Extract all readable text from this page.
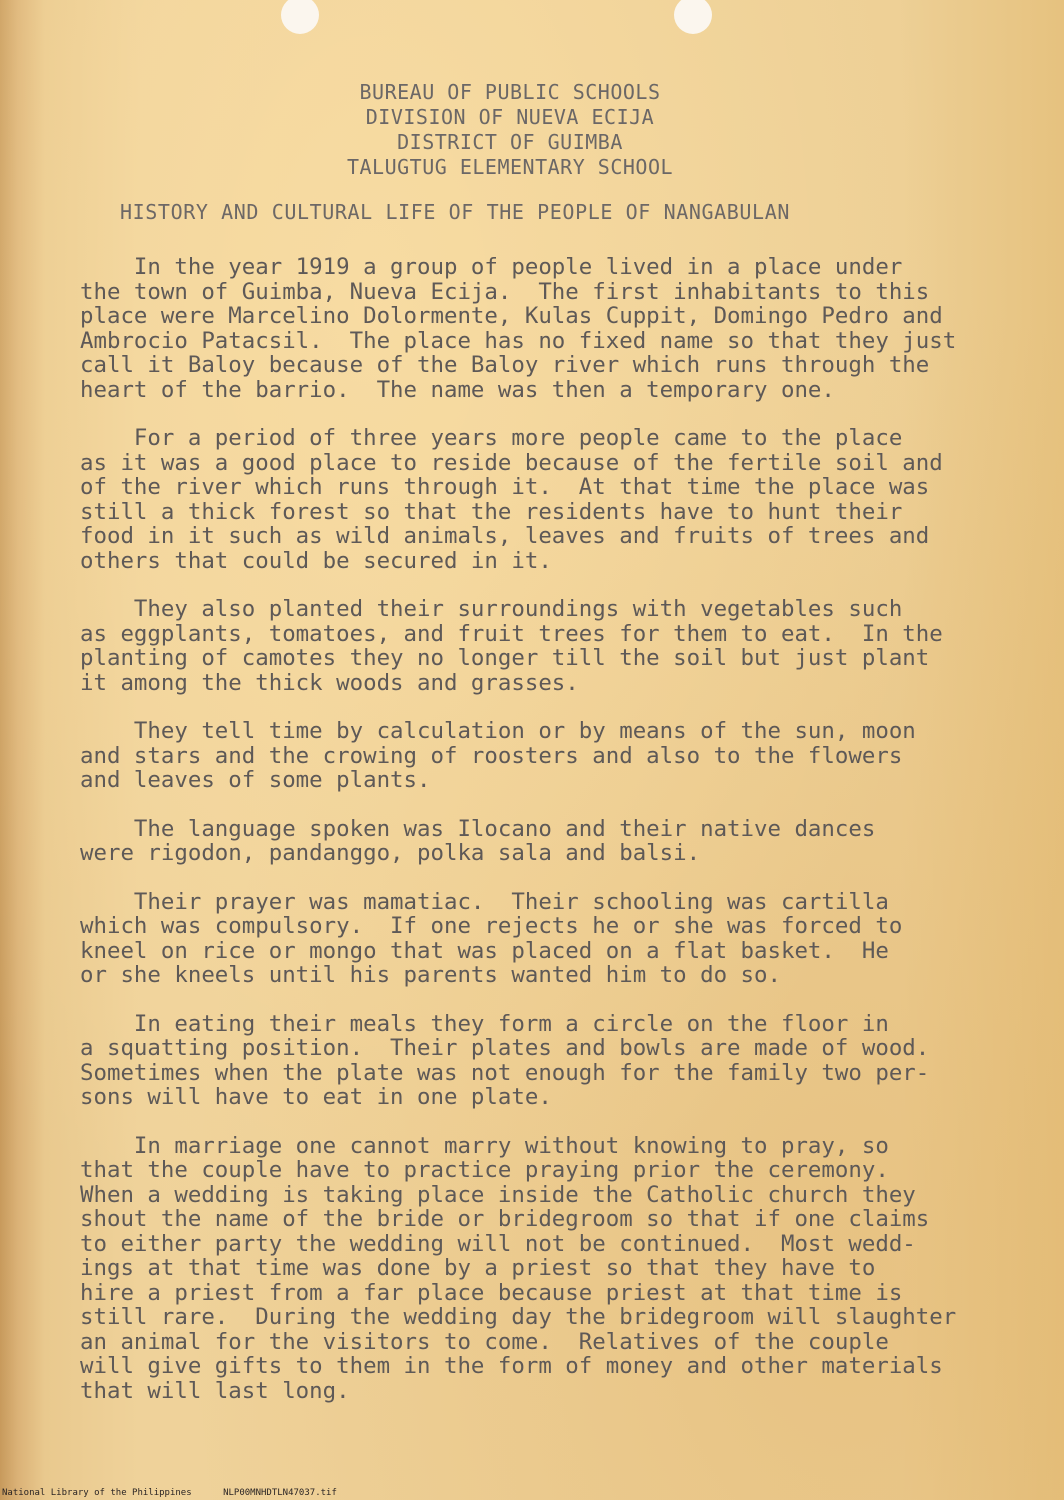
BUREAU OF PUBLIC SCHOOLS
DIVISION OF NUEVA ECIJA
DISTRICT OF GUIMBA
TALUGTUG ELEMENTARY SCHOOL
HISTORY AND CULTURAL LIFE OF THE PEOPLE OF NANGABULAN
In the year 1919 a group of people lived in a place under
the town of Guimba, Nueva Ecija.  The first inhabitants to this
place were Marcelino Dolormente, Kulas Cuppit, Domingo Pedro and
Ambrocio Patacsil.  The place has no fixed name so that they just
call it Baloy because of the Baloy river which runs through the
heart of the barrio.  The name was then a temporary one.
For a period of three years more people came to the place
as it was a good place to reside because of the fertile soil and
of the river which runs through it.  At that time the place was
still a thick forest so that the residents have to hunt their
food in it such as wild animals, leaves and fruits of trees and
others that could be secured in it.
They also planted their surroundings with vegetables such
as eggplants, tomatoes, and fruit trees for them to eat.  In the
planting of camotes they no longer till the soil but just plant
it among the thick woods and grasses.
They tell time by calculation or by means of the sun, moon
and stars and the crowing of roosters and also to the flowers
and leaves of some plants.
The language spoken was Ilocano and their native dances
were rigodon, pandanggo, polka sala and balsi.
Their prayer was mamatiac.  Their schooling was cartilla
which was compulsory.  If one rejects he or she was forced to
kneel on rice or mongo that was placed on a flat basket.  He
or she kneels until his parents wanted him to do so.
In eating their meals they form a circle on the floor in
a squatting position.  Their plates and bowls are made of wood.
Sometimes when the plate was not enough for the family two per-
sons will have to eat in one plate.
In marriage one cannot marry without knowing to pray, so
that the couple have to practice praying prior the ceremony.
When a wedding is taking place inside the Catholic church they
shout the name of the bride or bridegroom so that if one claims
to either party the wedding will not be continued.  Most wedd-
ings at that time was done by a priest so that they have to
hire a priest from a far place because priest at that time is
still rare.  During the wedding day the bridegroom will slaughter
an animal for the visitors to come.  Relatives of the couple
will give gifts to them in the form of money and other materials
that will last long.
National Library of the Philippines	NLP00MNHDTLN47037.tif
